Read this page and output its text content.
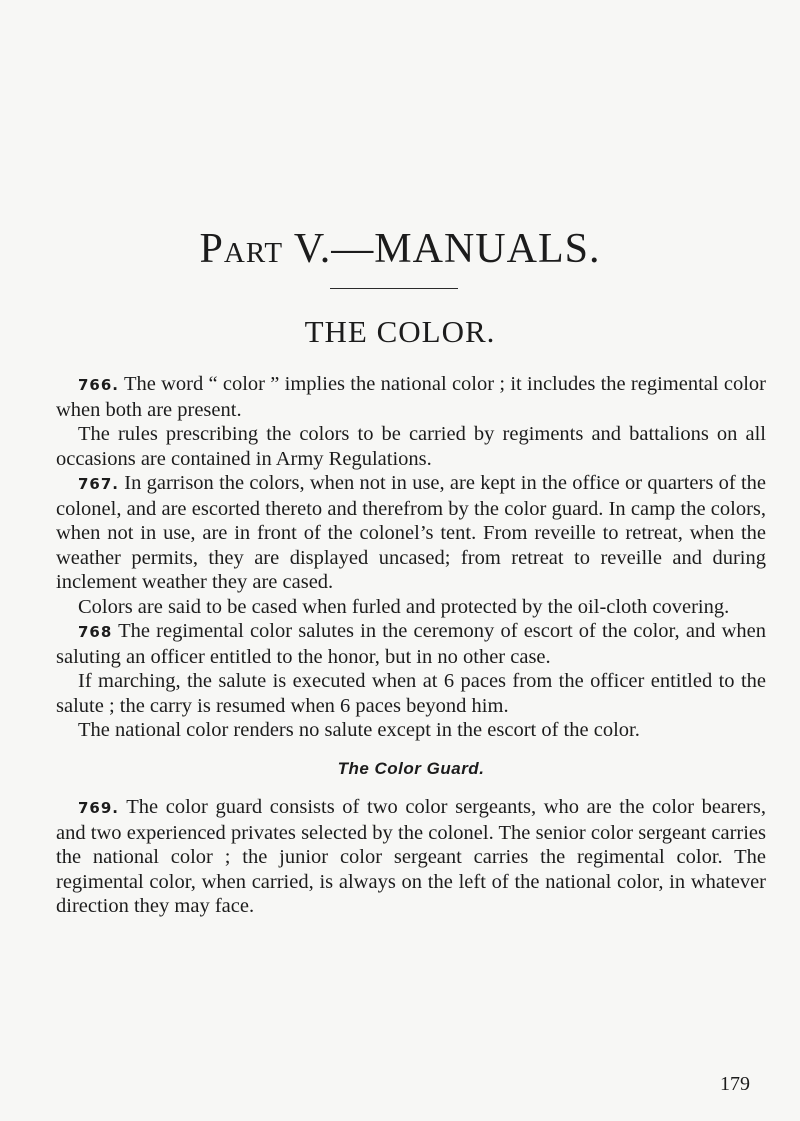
Part V.—MANUALS.
THE COLOR.

766. The word “ color ” implies the national color ; it includes the regimental color when both are present.

The rules prescribing the colors to be carried by regiments and battalions on all occasions are contained in Army Regulations.

767. In garrison the colors, when not in use, are kept in the office or quarters of the colonel, and are escorted thereto and therefrom by the color guard. In camp the colors, when not in use, are in front of the colonel’s tent. From reveille to retreat, when the weather permits, they are displayed uncased; from retreat to reveille and during inclement weather they are cased.

Colors are said to be cased when furled and protected by the oil-cloth covering.

768 The regimental color salutes in the ceremony of escort of the color, and when saluting an officer entitled to the honor, but in no other case.

If marching, the salute is executed when at 6 paces from the officer entitled to the salute ; the carry is resumed when 6 paces beyond him.

The national color renders no salute except in the escort of the color.

The Color Guard.

769. The color guard consists of two color sergeants, who are the color bearers, and two experienced privates selected by the colonel. The senior color sergeant carries the national color ; the junior color sergeant carries the regimental color. The regimental color, when carried, is always on the left of the national color, in whatever direction they may face.

179
